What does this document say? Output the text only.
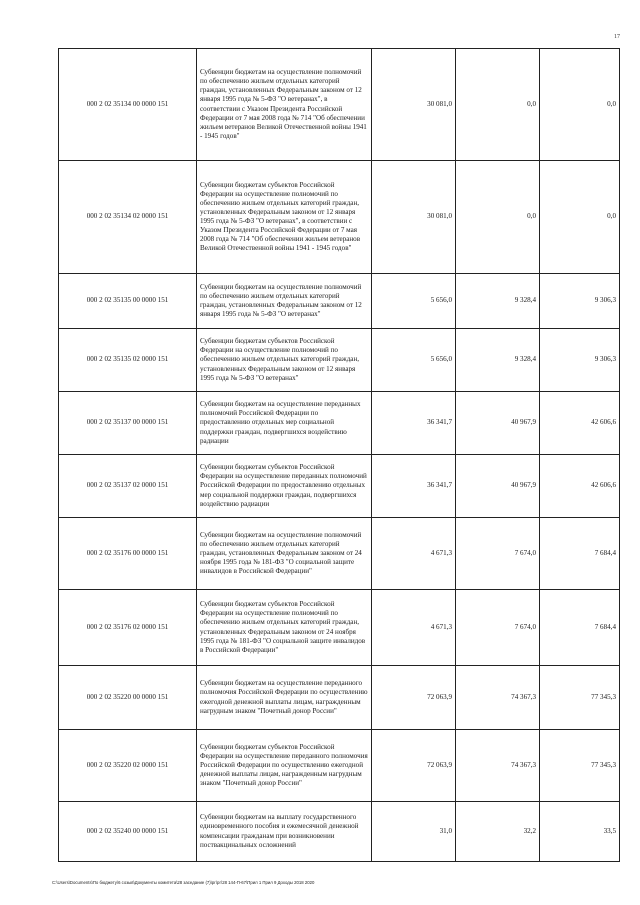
17
000 2 02 35134 00 0000 151	Субвенции бюджетам на осуществление полномочий по обеспечению жильем отдельных категорий граждан, установленных Федеральным законом от 12 января 1995 года № 5-ФЗ "О ветеранах", в соответствии с Указом Президента Российской Федерации от 7 мая 2008 года № 714 "Об обеспечении жильем ветеранов Великой Отечественной войны 1941 - 1945 годов"	30 081,0	0,0	0,0
000 2 02 35134 02 0000 151	Субвенции бюджетам субъектов Российской Федерации на осуществление полномочий по обеспечению жильем отдельных категорий граждан, установленных Федеральным законом от 12 января 1995 года № 5-ФЗ "О ветеранах", в соответствии с Указом Президента Российской Федерации от 7 мая 2008 года № 714 "Об обеспечении жильем ветеранов Великой Отечественной войны 1941 - 1945 годов"	30 081,0	0,0	0,0
000 2 02 35135 00 0000 151	Субвенции бюджетам на осуществление полномочий по обеспечению жильем отдельных категорий граждан, установленных Федеральным законом от 12 января 1995 года № 5-ФЗ "О ветеранах"	5 656,0	9 328,4	9 306,3
000 2 02 35135 02 0000 151	Субвенции бюджетам субъектов Российской Федерации на осуществление полномочий по обеспечению жильем отдельных категорий граждан, установленных Федеральным законом от 12 января 1995 года № 5-ФЗ "О ветеранах"	5 656,0	9 328,4	9 306,3
000 2 02 35137 00 0000 151	Субвенции бюджетам на осуществление переданных полномочий Российской Федерации по предоставлению отдельных мер социальной поддержки граждан, подвергшихся воздействию радиации	36 341,7	40 967,9	42 606,6
000 2 02 35137 02 0000 151	Субвенции бюджетам субъектов Российской Федерации на осуществление переданных полномочий Российской Федерации по предоставлению отдельных мер социальной поддержки граждан, подвергшихся воздействию радиации	36 341,7	40 967,9	42 606,6
000 2 02 35176 00 0000 151	Субвенции бюджетам на осуществление полномочий по обеспечению жильем отдельных категорий граждан, установленных Федеральным законом от 24 ноября 1995 года № 181-ФЗ "О социальной защите инвалидов в Российской Федерации"	4 671,3	7 674,0	7 684,4
000 2 02 35176 02 0000 151	Субвенции бюджетам субъектов Российской Федерации на осуществление полномочий по обеспечению жильем отдельных категорий граждан, установленных Федеральным законом от 24 ноября 1995 года № 181-ФЗ "О социальной защите инвалидов в Российской Федерации"	4 671,3	7 674,0	7 684,4
000 2 02 35220 00 0000 151	Субвенции бюджетам на осуществление переданного полномочия Российской Федерации по осуществлению ежегодной денежной выплаты лицам, награжденным нагрудным знаком "Почетный донор России"	72 063,9	74 367,3	77 345,3
000 2 02 35220 02 0000 151	Субвенции бюджетам субъектов Российской Федерации на осуществление переданного полномочия Российской Федерации по осуществлению ежегодной денежной выплаты лицам, награжденным нагрудным знаком "Почетный донор России"	72 063,9	74 367,3	77 345,3
000 2 02 35240 00 0000 151	Субвенции бюджетам на выплату государственного единовременного пособия и ежемесячной денежной компенсации гражданам при возникновении поствакцинальных осложнений	31,0	32,2	33,5
C:\Users\Documents\По бюджету\6 созыв\Документы комитета\28 заседание (7)\рг\рг\28 144-П-67\Прил 1 Прил 9 Доходы 2018 2020
